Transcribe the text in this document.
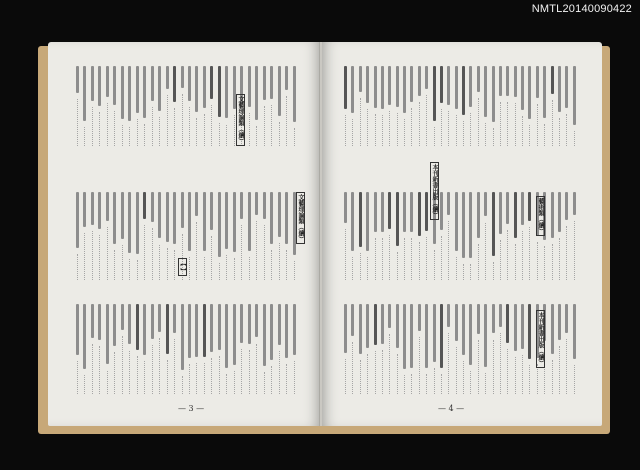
NMTL20140090422
文藝理論類（續）
文藝理論類（續）
【 】
— 3 —
藝術類（續）
本刊新書出版（續）
本刊新書出版（續）
— 4 —
